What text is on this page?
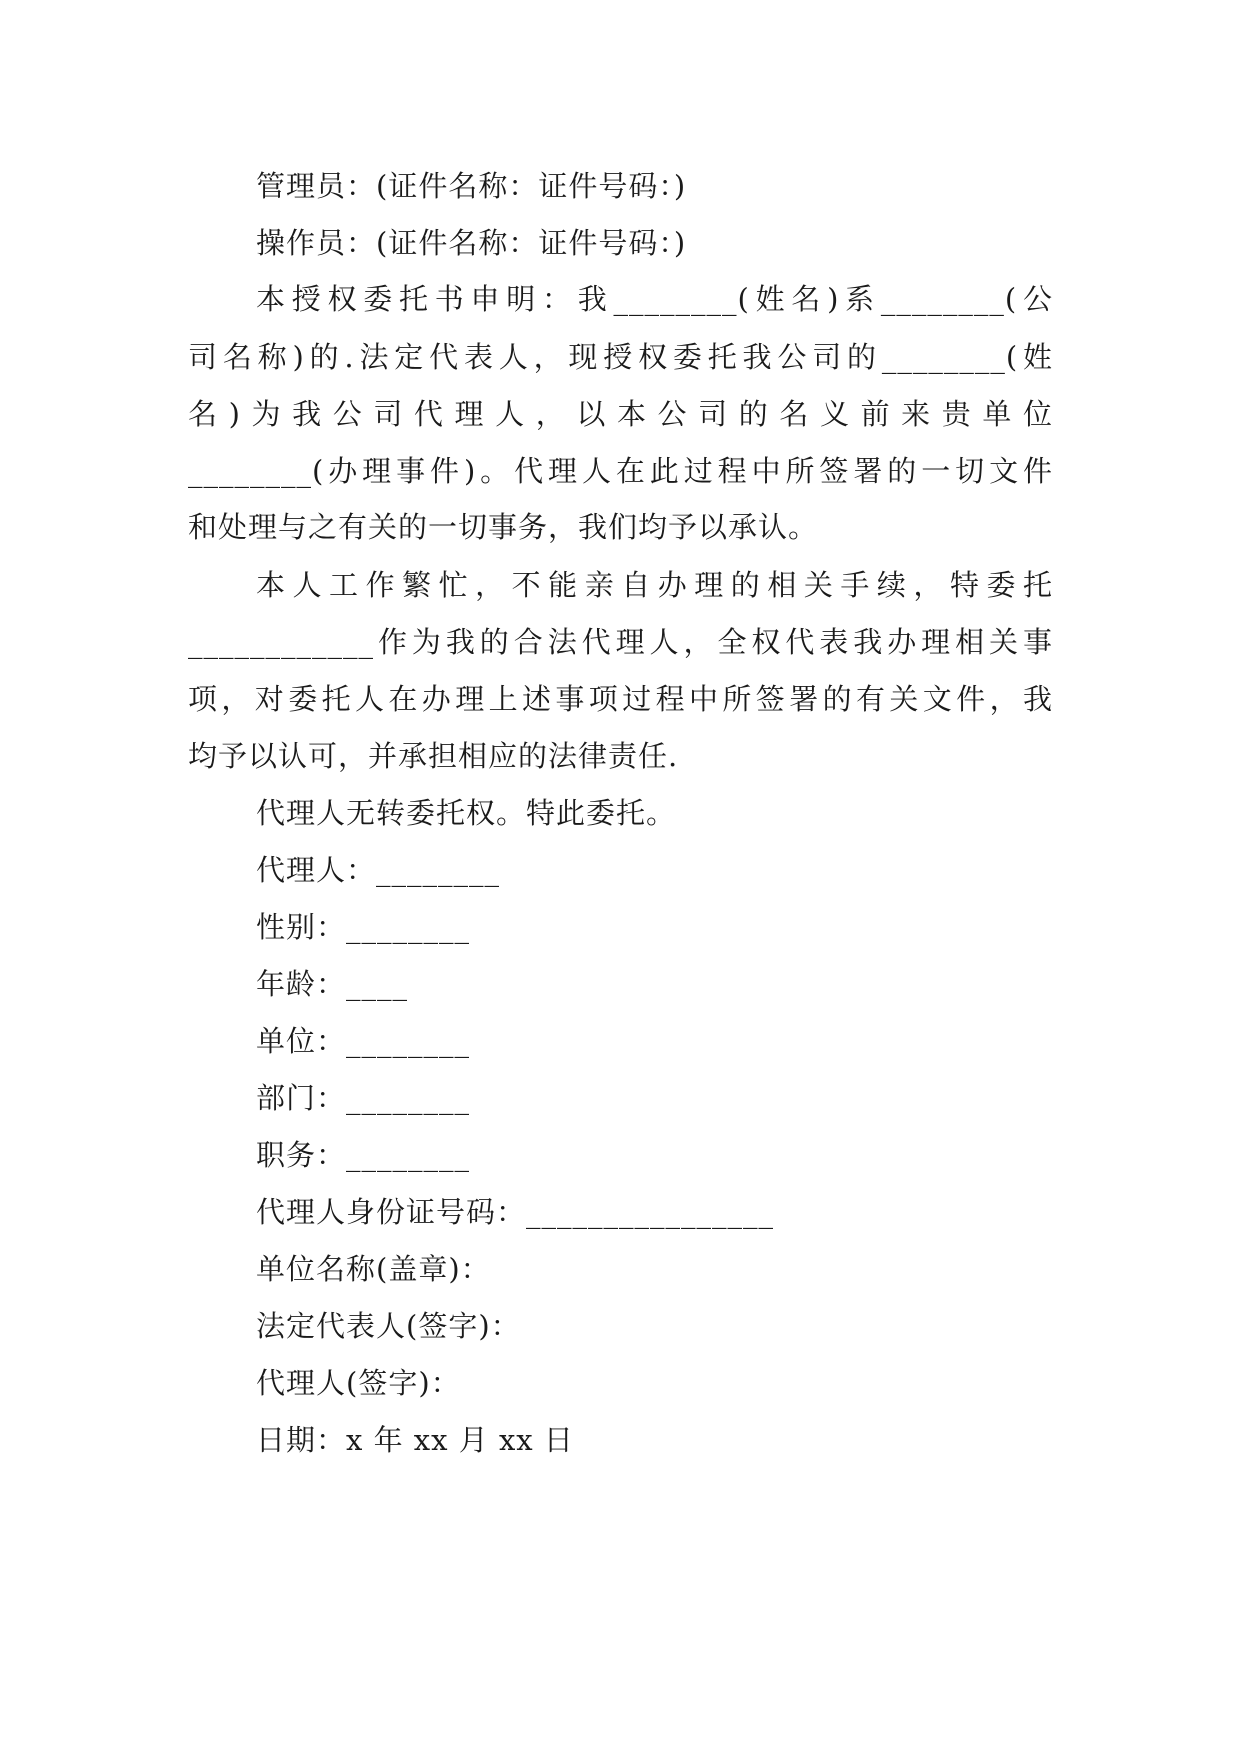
管理员：(证件名称：证件号码：)
操作员：(证件名称：证件号码：)
本授权委托书申明：我________(姓名)系________(公
司名称)的.法定代表人，现授权委托我公司的________(姓
名)为我公司代理人，以本公司的名义前来贵单位
________(办理事件)。代理人在此过程中所签署的一切文件
和处理与之有关的一切事务，我们均予以承认。
本人工作繁忙，不能亲自办理的相关手续，特委托
____________作为我的合法代理人，全权代表我办理相关事
项，对委托人在办理上述事项过程中所签署的有关文件，我
均予以认可，并承担相应的法律责任.
代理人无转委托权。特此委托。
代理人：________
性别：________
年龄：____
单位：________
部门：________
职务：________
代理人身份证号码：________________
单位名称(盖章)：
法定代表人(签字)：
代理人(签字)：
日期：x 年 xx 月 xx 日
